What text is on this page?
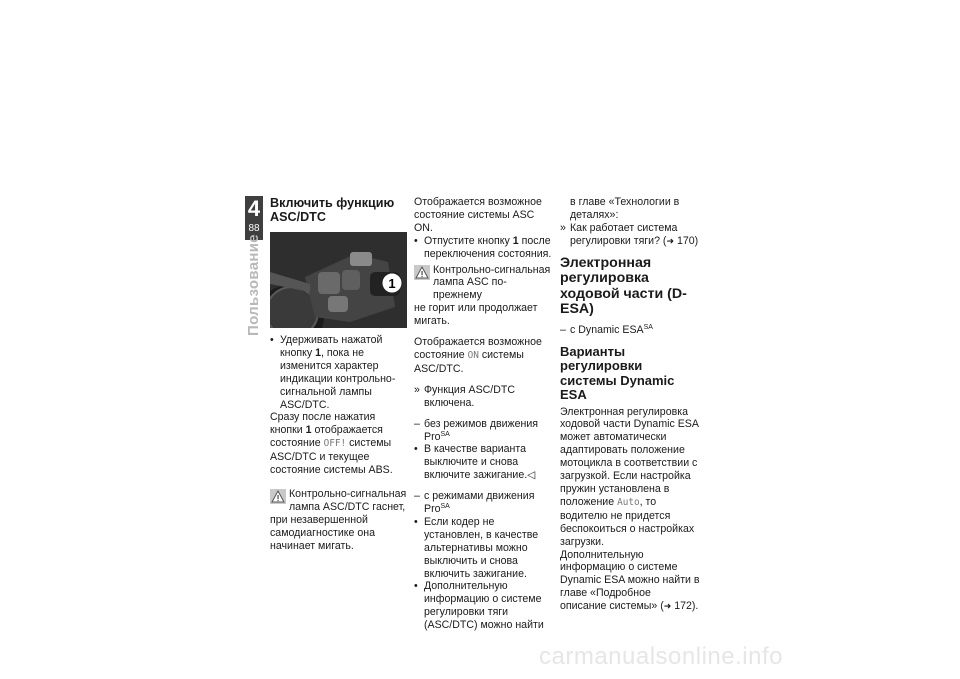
4
88
Пользование
Включить функцию ASC/DTC
1
• Удерживать нажатой кнопку 1, пока не изменится характер индикации контрольно-сигнальной лампы ASC/DTC.

Сразу после нажатия кнопки 1 отображается состояние OFF! системы ASC/DTC и текущее состояние системы ABS.

Контрольно-сигнальная лампа ASC/DTC гаснет,

при незавершенной самодиагностике она начинает мигать.

Отображается возможное состояние системы ASC ON.

• Отпустите кнопку 1 после переключения состояния.
Контрольно-сигнальная лампа ASC по-прежнему

не горит или продолжает мигать.

Отображается возможное состояние ON системы ASC/DTC.

» Функция ASC/DTC включена.
– без режимов движения Pro$^{SA}$
• В качестве варианта выключите и снова включите зажигание.◁
– с режимами движения Pro$^{SA}$
• Если кодер не установлен, в качестве альтернативы можно выключить и снова включить зажигание.
• Дополнительную информацию о системе регулировки тяги (ASC/DTC) можно найти

в главе «Технологии в деталях»:

» Как работает система регулировки тяги? (➜ 170)
Электронная регулировка ходовой части (D-ESA)
– с Dynamic $ESA^{SA}$
Варианты регулировки системы Dynamic ESA

Электронная регулировка ходовой части Dynamic ESA может автоматически адаптировать положение мотоцикла в соответствии с загрузкой. Если настройка пружин установлена в положение Auto, то водителю не придется беспокоиться о настройках загрузки.

Дополнительную информацию о системе Dynamic ESA можно найти в главе «Подробное описание системы» (➜ 172).

carmanualsonline.info
